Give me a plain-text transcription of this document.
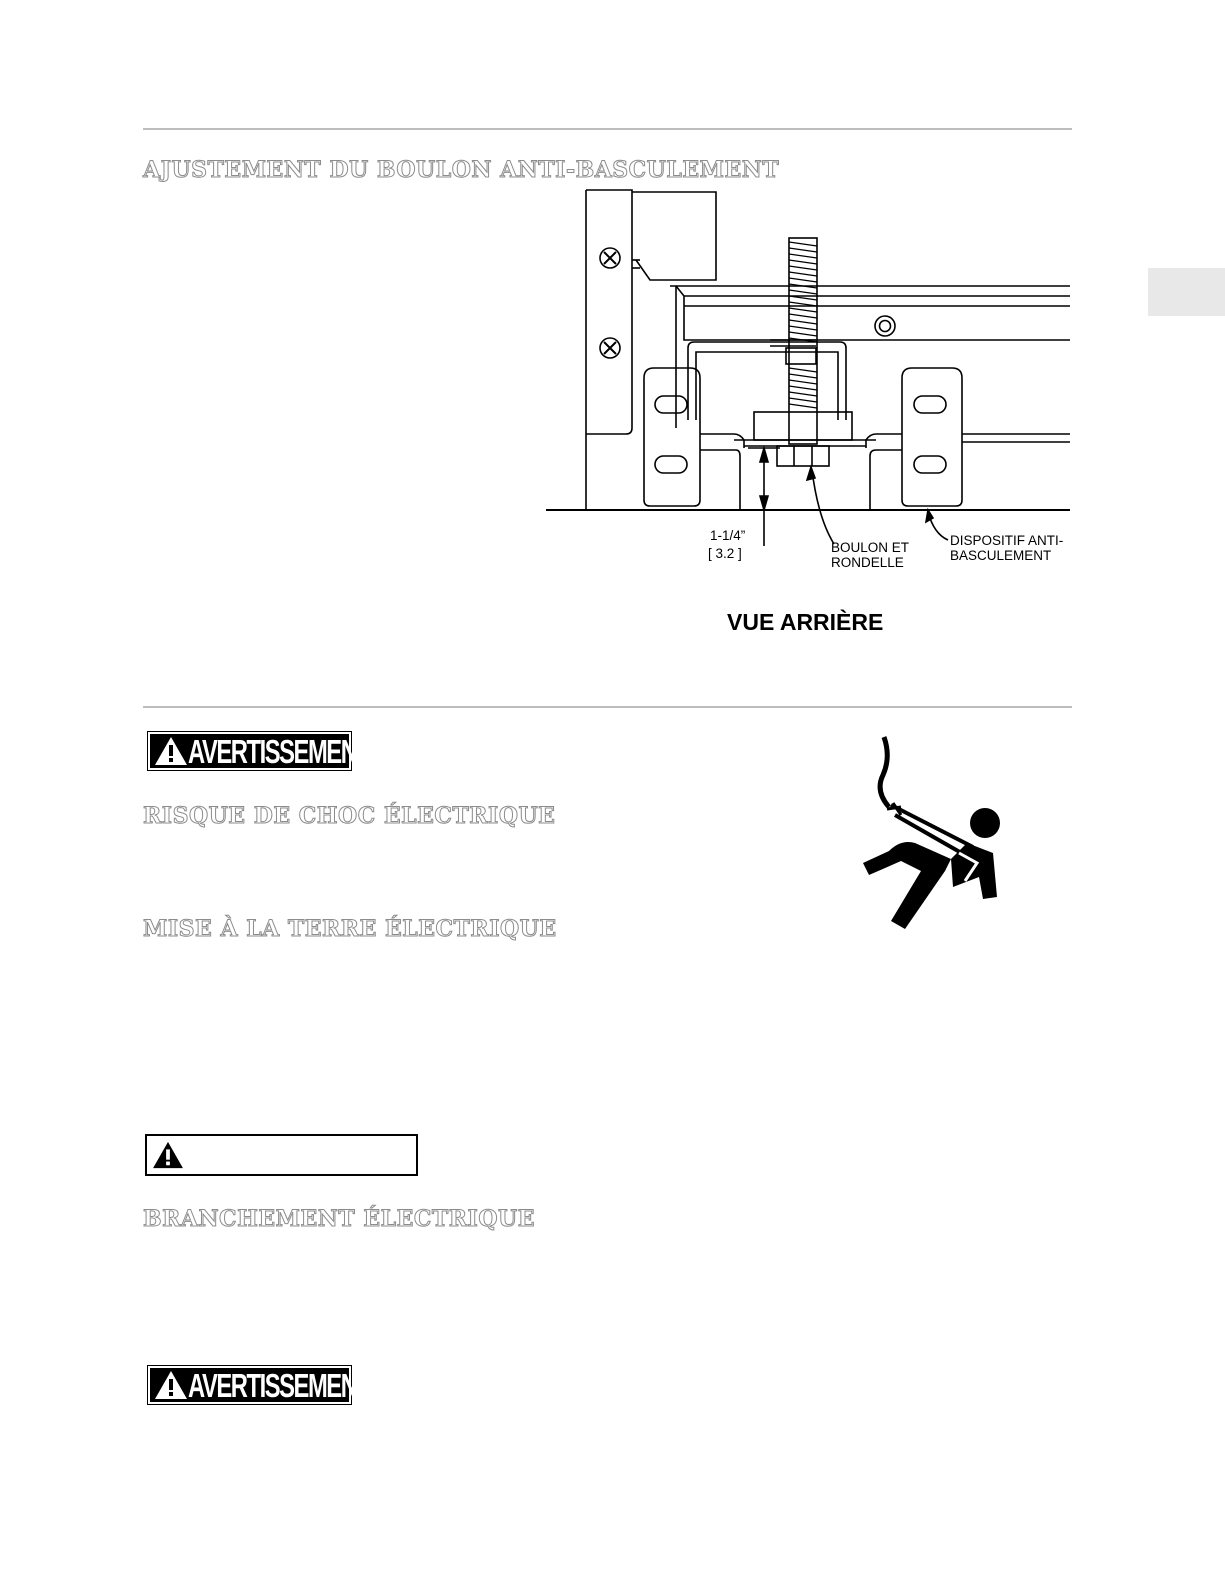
AJUSTEMENT DU BOULON ANTI-BASCULEMENT
1-1/4”
[ 3.2 ]	BOULON ET
RONDELLE
DISPOSITIF ANTI-
BASCULEMENT
VUE ARRIÈRE
AVERTISSEMENT
RISQUE DE CHOC ÉLECTRIQUE
MISE À LA TERRE ÉLECTRIQUE
BRANCHEMENT ÉLECTRIQUE
AVERTISSEMENT
